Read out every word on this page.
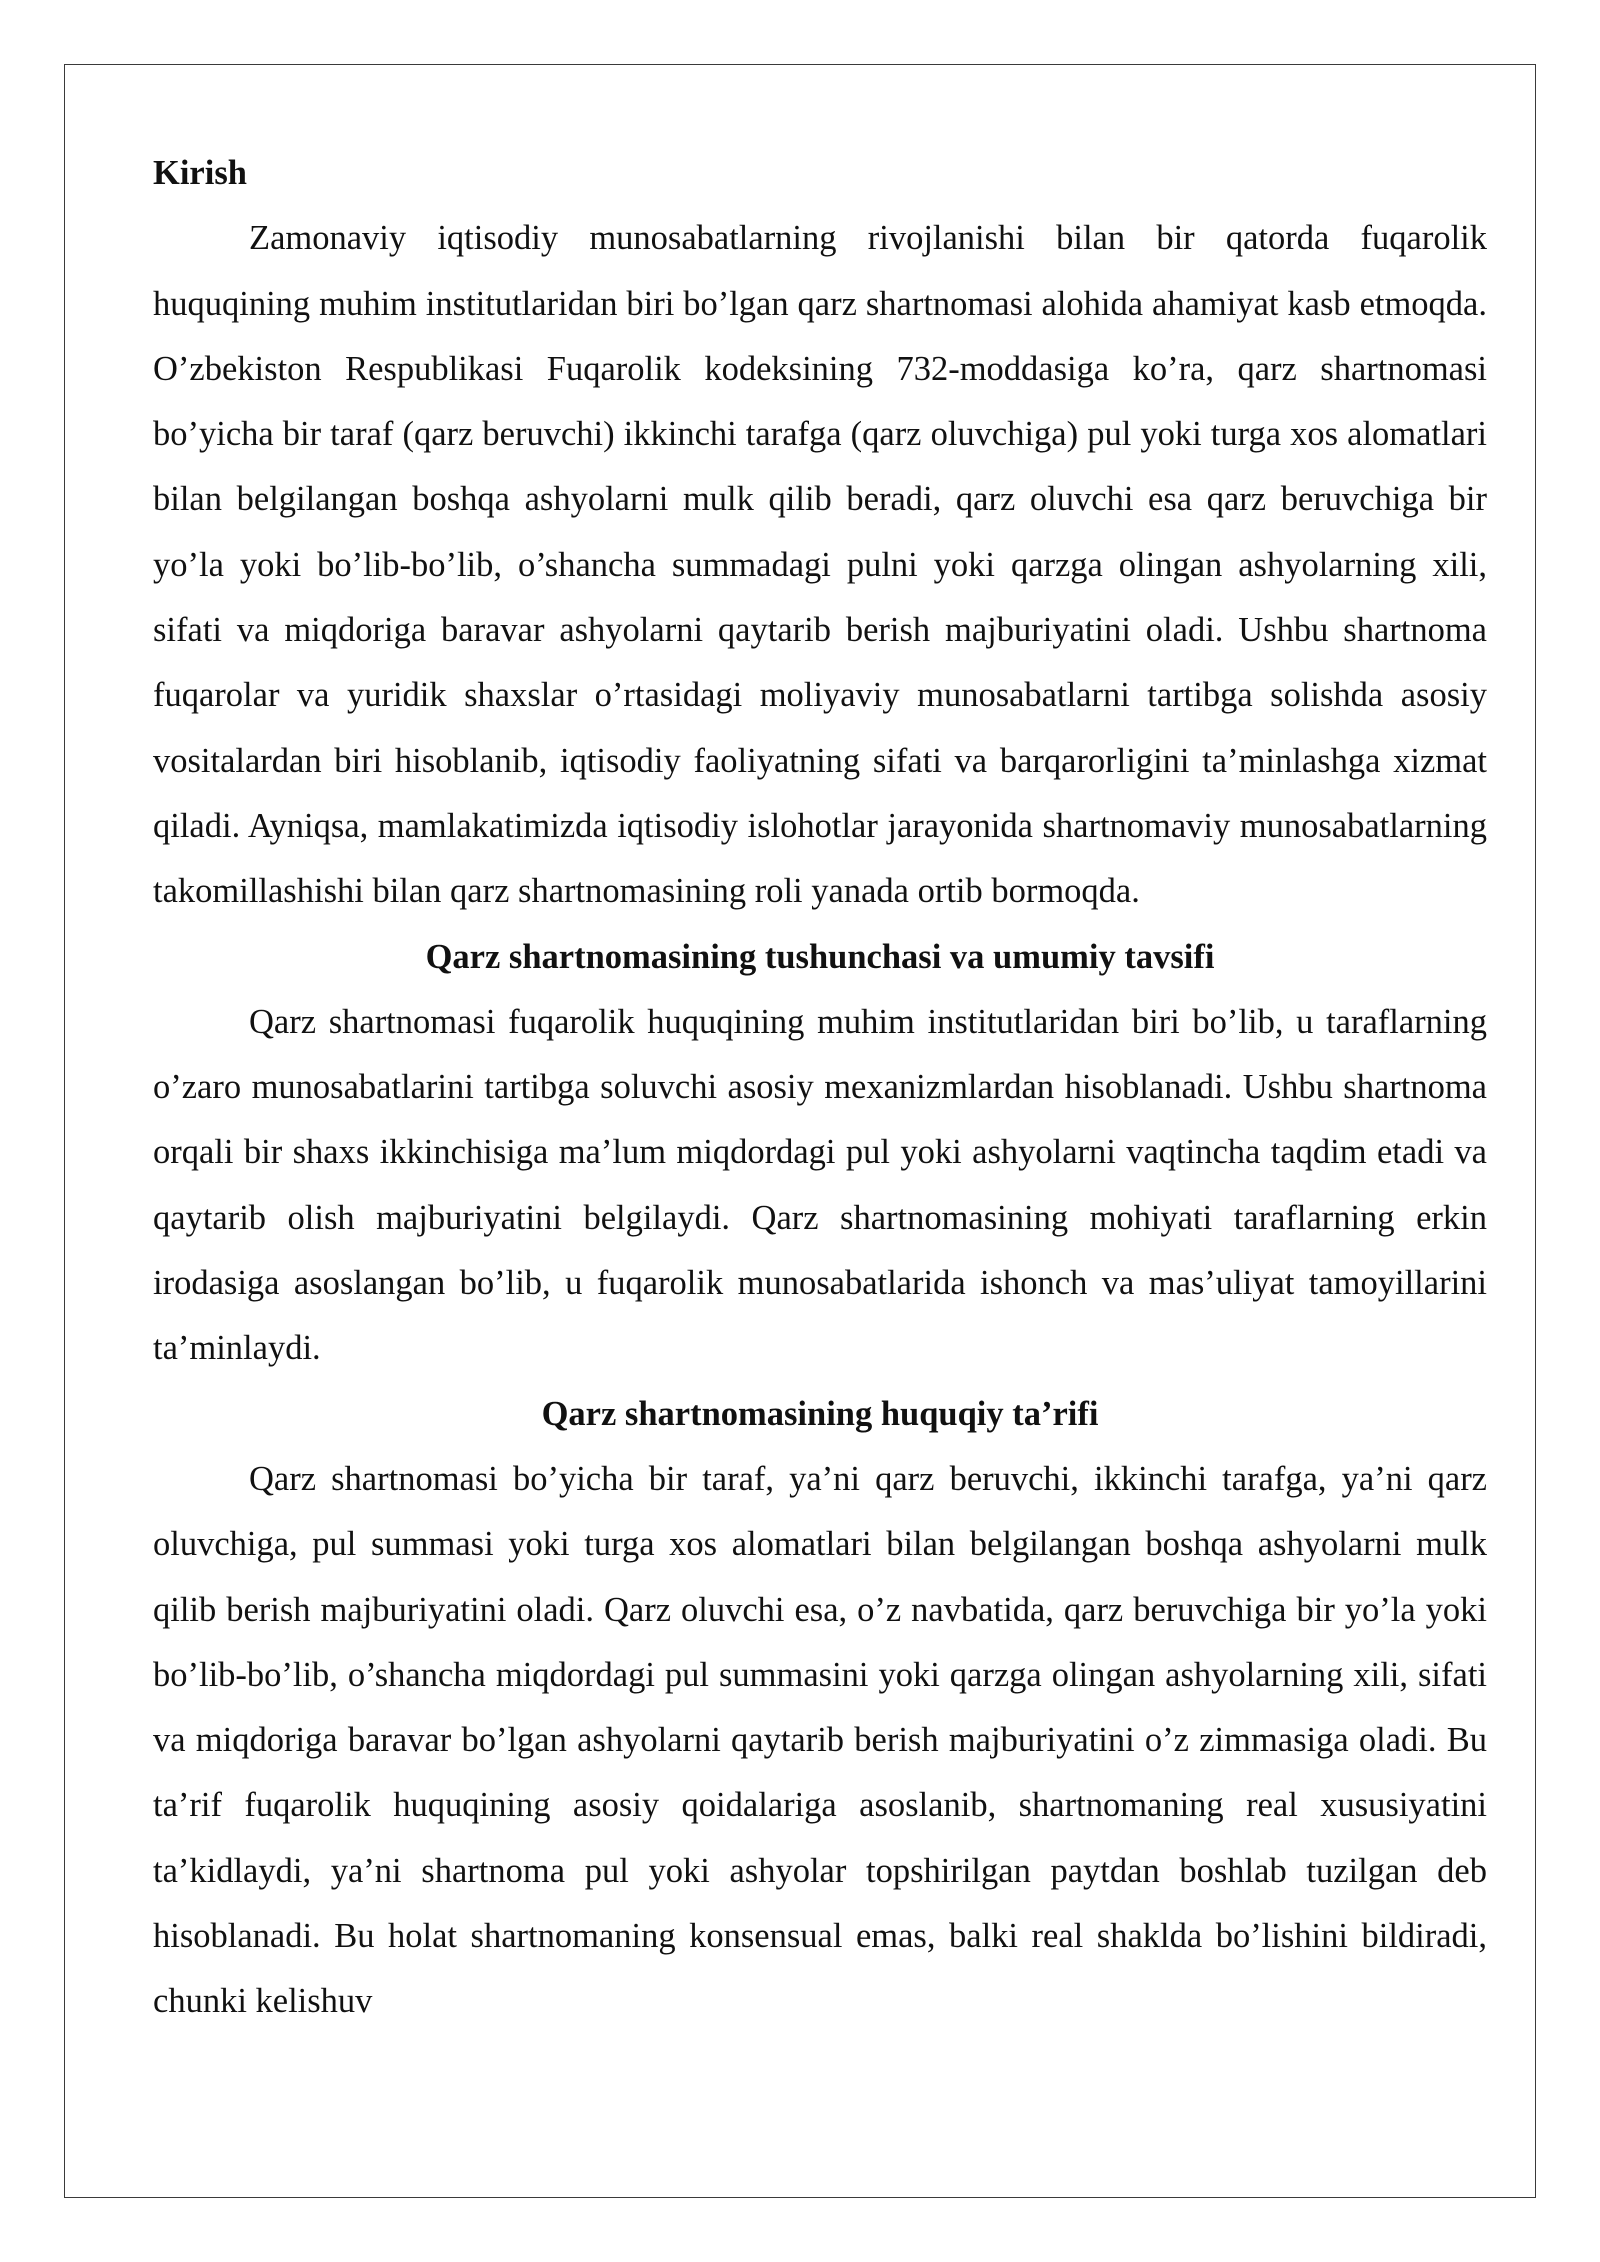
Kirish

Zamonaviy iqtisodiy munosabatlarning rivojlanishi bilan bir qatorda fuqarolik huquqining muhim institutlaridan biri bo’lgan qarz shartnomasi alohida ahamiyat kasb etmoqda. O’zbekiston Respublikasi Fuqarolik kodeksining 732-moddasiga ko’ra, qarz shartnomasi bo’yicha bir taraf (qarz beruvchi) ikkinchi tarafga (qarz oluvchiga) pul yoki turga xos alomatlari bilan belgilangan boshqa ashyolarni mulk qilib beradi, qarz oluvchi esa qarz beruvchiga bir yo’la yoki bo’lib-bo’lib, o’shancha summadagi pulni yoki qarzga olingan ashyolarning xili, sifati va miqdoriga baravar ashyolarni qaytarib berish majburiyatini oladi. Ushbu shartnoma fuqarolar va yuridik shaxslar o’rtasidagi moliyaviy munosabatlarni tartibga solishda asosiy vositalardan biri hisoblanib, iqtisodiy faoliyatning sifati va barqarorligini ta’minlashga xizmat qiladi. Ayniqsa, mamlakatimizda iqtisodiy islohotlar jarayonida shartnomaviy munosabatlarning takomillashishi bilan qarz shartnomasining roli yanada ortib bormoqda.

Qarz shartnomasining tushunchasi va umumiy tavsifi

Qarz shartnomasi fuqarolik huquqining muhim institutlaridan biri bo’lib, u taraflarning o’zaro munosabatlarini tartibga soluvchi asosiy mexanizmlardan hisoblanadi. Ushbu shartnoma orqali bir shaxs ikkinchisiga ma’lum miqdordagi pul yoki ashyolarni vaqtincha taqdim etadi va qaytarib olish majburiyatini belgilaydi. Qarz shartnomasining mohiyati taraflarning erkin irodasiga asoslangan bo’lib, u fuqarolik munosabatlarida ishonch va mas’uliyat tamoyillarini ta’minlaydi.

Qarz shartnomasining huquqiy ta’rifi

Qarz shartnomasi bo’yicha bir taraf, ya’ni qarz beruvchi, ikkinchi tarafga, ya’ni qarz oluvchiga, pul summasi yoki turga xos alomatlari bilan belgilangan boshqa ashyolarni mulk qilib berish majburiyatini oladi. Qarz oluvchi esa, o’z navbatida, qarz beruvchiga bir yo’la yoki bo’lib-bo’lib, o’shancha miqdordagi pul summasini yoki qarzga olingan ashyolarning xili, sifati va miqdoriga baravar bo’lgan ashyolarni qaytarib berish majburiyatini o’z zimmasiga oladi. Bu ta’rif fuqarolik huquqining asosiy qoidalariga asoslanib, shartnomaning real xususiyatini ta’kidlaydi, ya’ni shartnoma pul yoki ashyolar topshirilgan paytdan boshlab tuzilgan deb hisoblanadi. Bu holat shartnomaning konsensual emas, balki real shaklda bo’lishini bildiradi, chunki kelishuv
